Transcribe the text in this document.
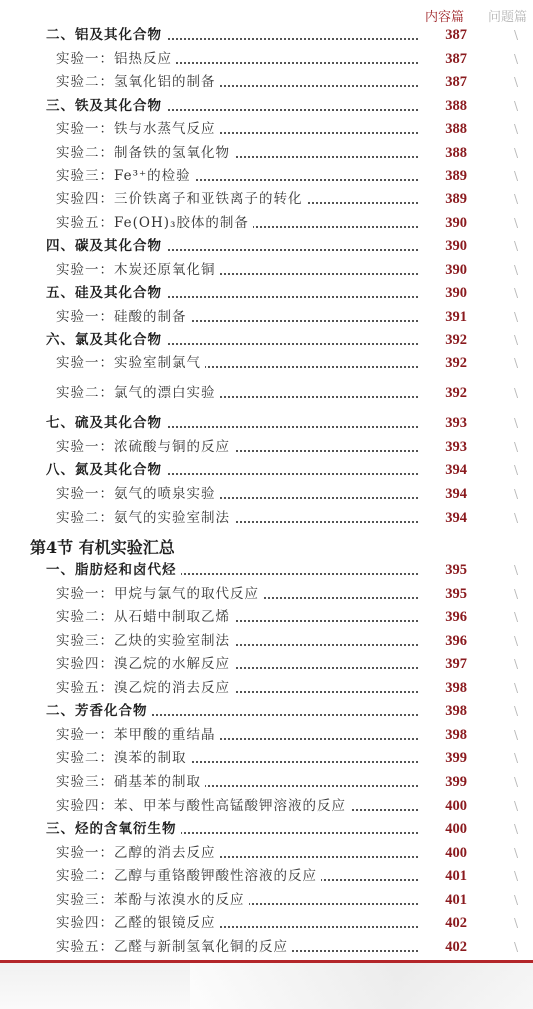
内容篇 问题篇
二、铝及其化合物	387	\
实验一：铝热反应	387	\
实验二：氢氧化铝的制备	387	\
三、铁及其化合物	388	\
实验一：铁与水蒸气反应	388	\
实验二：制备铁的氢氧化物	388	\
实验三：Fe³⁺的检验	389	\
实验四：三价铁离子和亚铁离子的转化	389	\
实验五：Fe(OH)₃胶体的制备	390	\
四、碳及其化合物	390	\
实验一：木炭还原氧化铜	390	\
五、硅及其化合物	390	\
实验一：硅酸的制备	391	\
六、氯及其化合物	392	\
实验一：实验室制氯气	392	\
实验二：氯气的漂白实验	392	\
七、硫及其化合物	393	\
实验一：浓硫酸与铜的反应	393	\
八、氮及其化合物	394	\
实验一：氨气的喷泉实验	394	\
实验二：氨气的实验室制法	394	\
一、脂肪烃和卤代烃	395	\
实验一：甲烷与氯气的取代反应	395	\
实验二：从石蜡中制取乙烯	396	\
实验三：乙炔的实验室制法	396	\
实验四：溴乙烷的水解反应	397	\
实验五：溴乙烷的消去反应	398	\
二、芳香化合物	398	\
实验一：苯甲酸的重结晶	398	\
实验二：溴苯的制取	399	\
实验三：硝基苯的制取	399	\
实验四：苯、甲苯与酸性高锰酸钾溶液的反应	400	\
三、烃的含氧衍生物	400	\
实验一：乙醇的消去反应	400	\
实验二：乙醇与重铬酸钾酸性溶液的反应	401	\
实验三：苯酚与浓溴水的反应	401	\
实验四：乙醛的银镜反应	402	\
实验五：乙醛与新制氢氧化铜的反应	402	\
第4节 有机实验汇总
